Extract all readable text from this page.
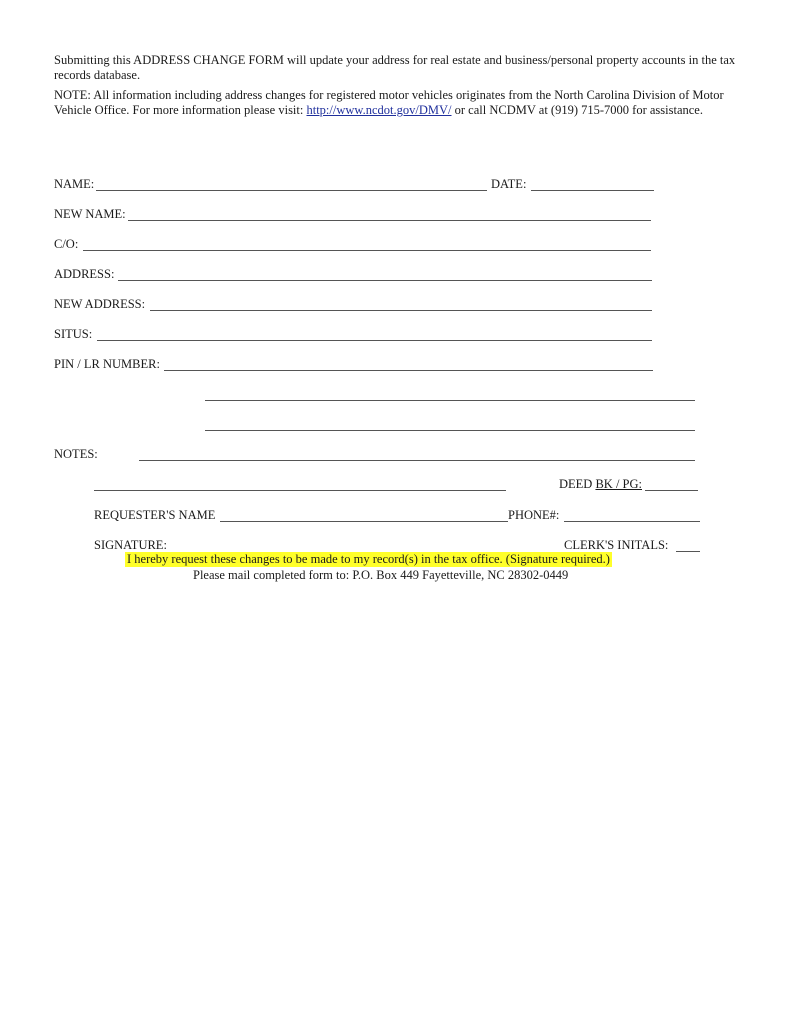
Submitting this ADDRESS CHANGE FORM will update your address for real estate and business/personal property accounts in the tax records database.
NOTE: All information including address changes for registered motor vehicles originates from the North Carolina Division of Motor Vehicle Office. For more information please visit: http://www.ncdot.gov/DMV/ or call NCDMV at (919) 715-7000 for assistance.
NAME:	DATE:
NEW NAME:
C/O:
ADDRESS:
NEW ADDRESS:
SITUS:
PIN / LR NUMBER:
NOTES:
DEED BK / PG:
REQUESTER'S NAME	PHONE#:
SIGNATURE:	CLERK'S INITALS:
I hereby request these changes to be made to my record(s) in the tax office. (Signature required.)
Please mail completed form to: P.O. Box 449 Fayetteville, NC 28302-0449
